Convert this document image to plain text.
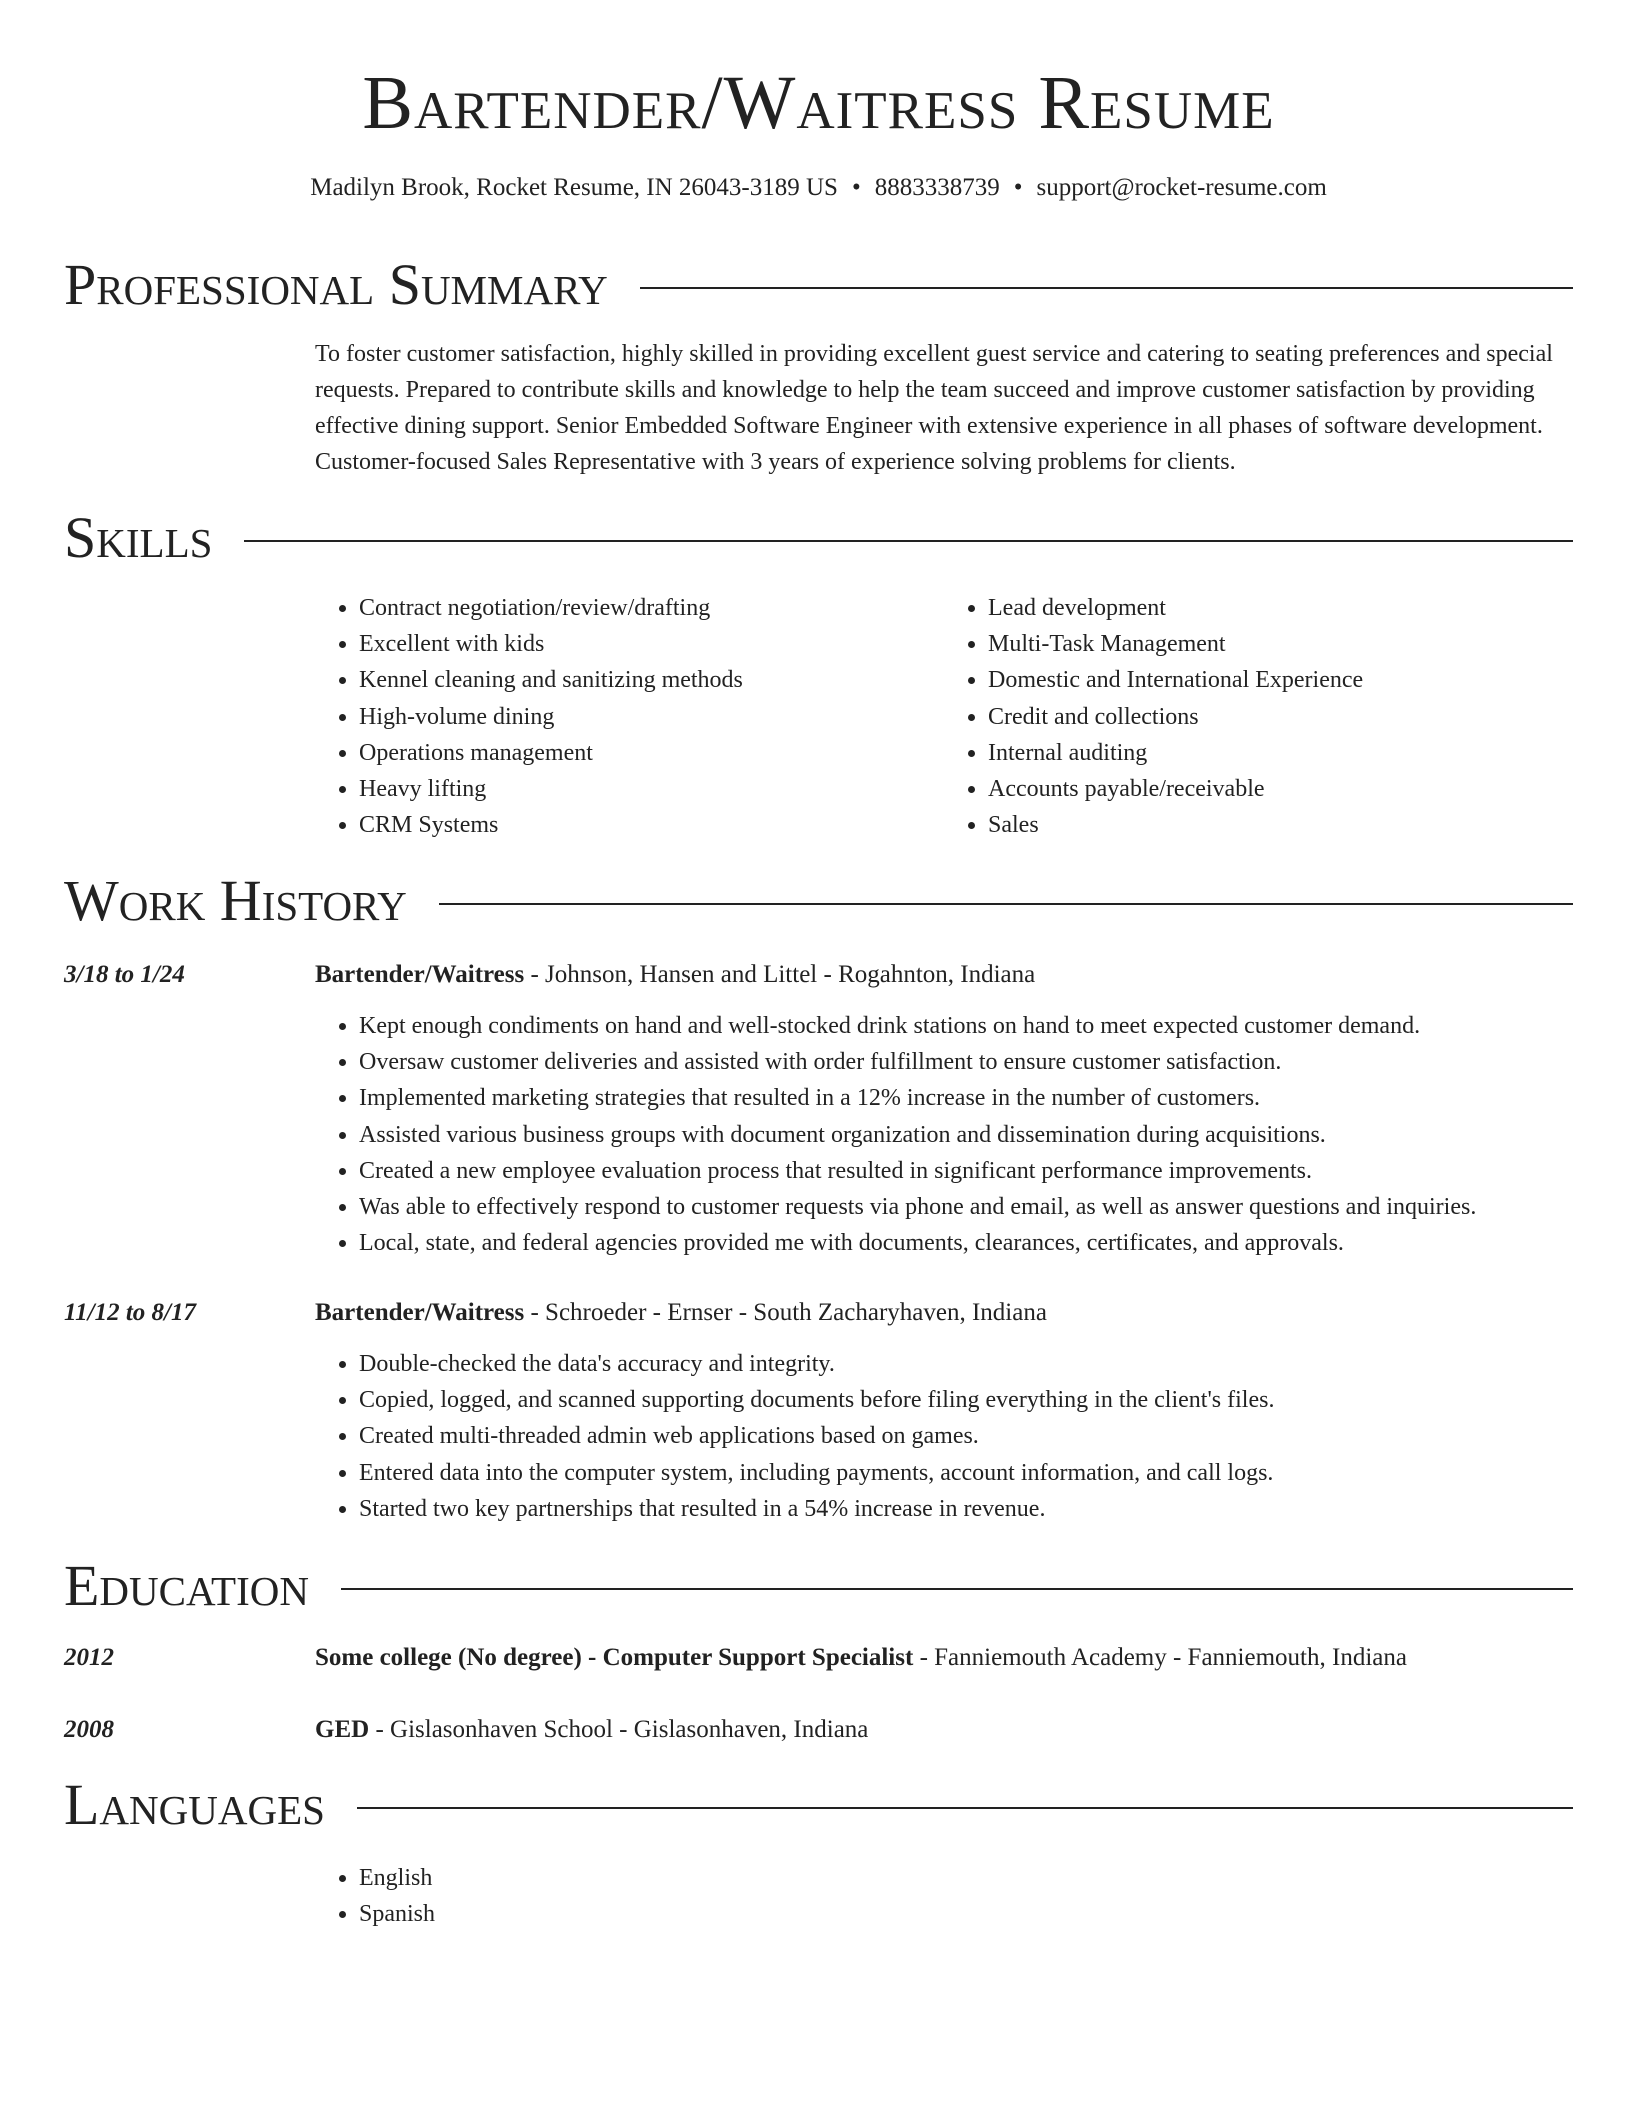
Bartender/Waitress Resume
Madilyn Brook, Rocket Resume, IN 26043-3189 US • 8883338739 • support@rocket-resume.com
Professional Summary

To foster customer satisfaction, highly skilled in providing excellent guest service and catering to seating preferences and special requests. Prepared to contribute skills and knowledge to help the team succeed and improve customer satisfaction by providing effective dining support. Senior Embedded Software Engineer with extensive experience in all phases of software development. Customer-focused Sales Representative with 3 years of experience solving problems for clients.

Skills
• Contract negotiation/review/drafting
• Excellent with kids
• Kennel cleaning and sanitizing methods
• High-volume dining
• Operations management
• Heavy lifting
• CRM Systems
• Lead development
• Multi-Task Management
• Domestic and International Experience
• Credit and collections
• Internal auditing
• Accounts payable/receivable
• Sales
Work History
3/18 to 1/24	Bartender/Waitress - Johnson, Hansen and Littel - Rogahnton, Indiana

• Kept enough condiments on hand and well-stocked drink stations on hand to meet expected customer demand.
• Oversaw customer deliveries and assisted with order fulfillment to ensure customer satisfaction.
• Implemented marketing strategies that resulted in a 12% increase in the number of customers.
• Assisted various business groups with document organization and dissemination during acquisitions.
• Created a new employee evaluation process that resulted in significant performance improvements.
• Was able to effectively respond to customer requests via phone and email, as well as answer questions and inquiries.
• Local, state, and federal agencies provided me with documents, clearances, certificates, and approvals.
11/12 to 8/17	Bartender/Waitress - Schroeder - Ernser - South Zacharyhaven, Indiana

• Double-checked the data's accuracy and integrity.
• Copied, logged, and scanned supporting documents before filing everything in the client's files.
• Created multi-threaded admin web applications based on games.
• Entered data into the computer system, including payments, account information, and call logs.
• Started two key partnerships that resulted in a 54% increase in revenue.
Education
2012	Some college (No degree) - Computer Support Specialist - Fanniemouth Academy - Fanniemouth, Indiana

2008	GED - Gislasonhaven School - Gislasonhaven, Indiana

Languages
• English
• Spanish
